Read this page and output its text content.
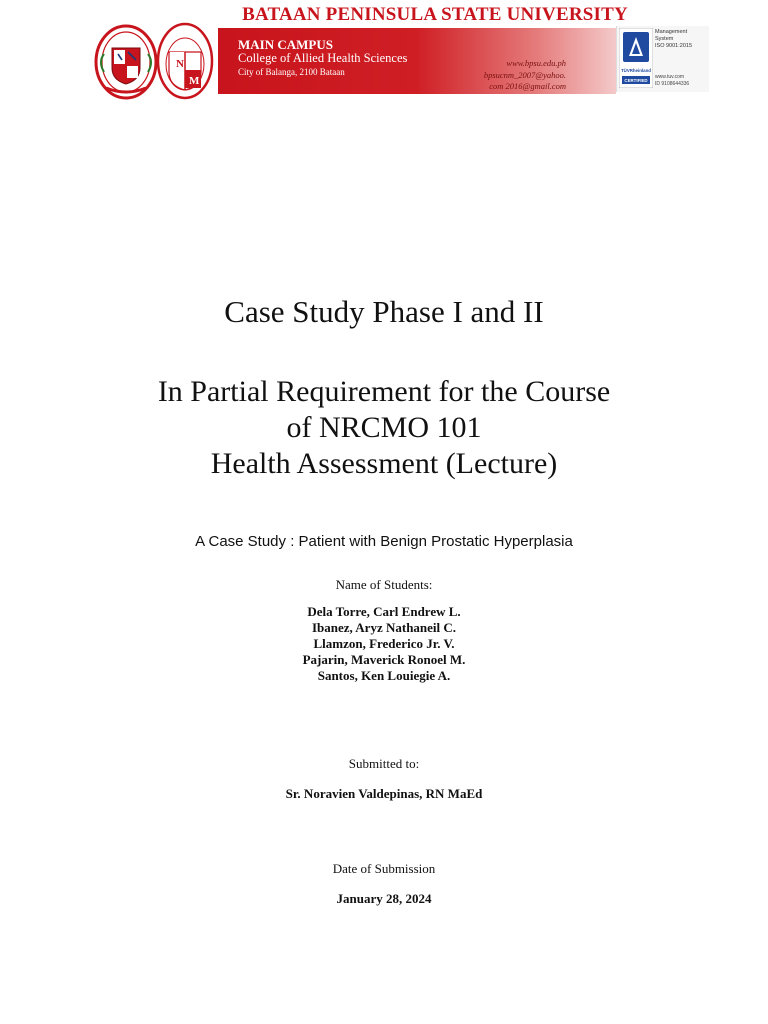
BATAAN PENINSULA STATE UNIVERSITY
N
M
MAIN CAMPUS
College of Allied Health Sciences
City of Balanga, 2100 Bataan
www.bpsu.edu.ph
bpsucnm_2007@yahoo.
com 2016@gmail.com
TÜVRheinland
CERTIFIED
Management
System
ISO 9001:2015
www.tuv.com
ID 9108644336
Case Study Phase I and II
In Partial Requirement for the Course
of NRCMO 101
Health Assessment (Lecture)
A Case Study : Patient with Benign Prostatic Hyperplasia
Name of Students:
Dela Torre, Carl Endrew L.
Ibanez, Aryz Nathaneil C.
Llamzon, Frederico Jr. V.
Pajarin, Maverick Ronoel M.
Santos, Ken Louiegie A.
Submitted to:
Sr. Noravien Valdepinas, RN MaEd
Date of Submission
January 28, 2024
